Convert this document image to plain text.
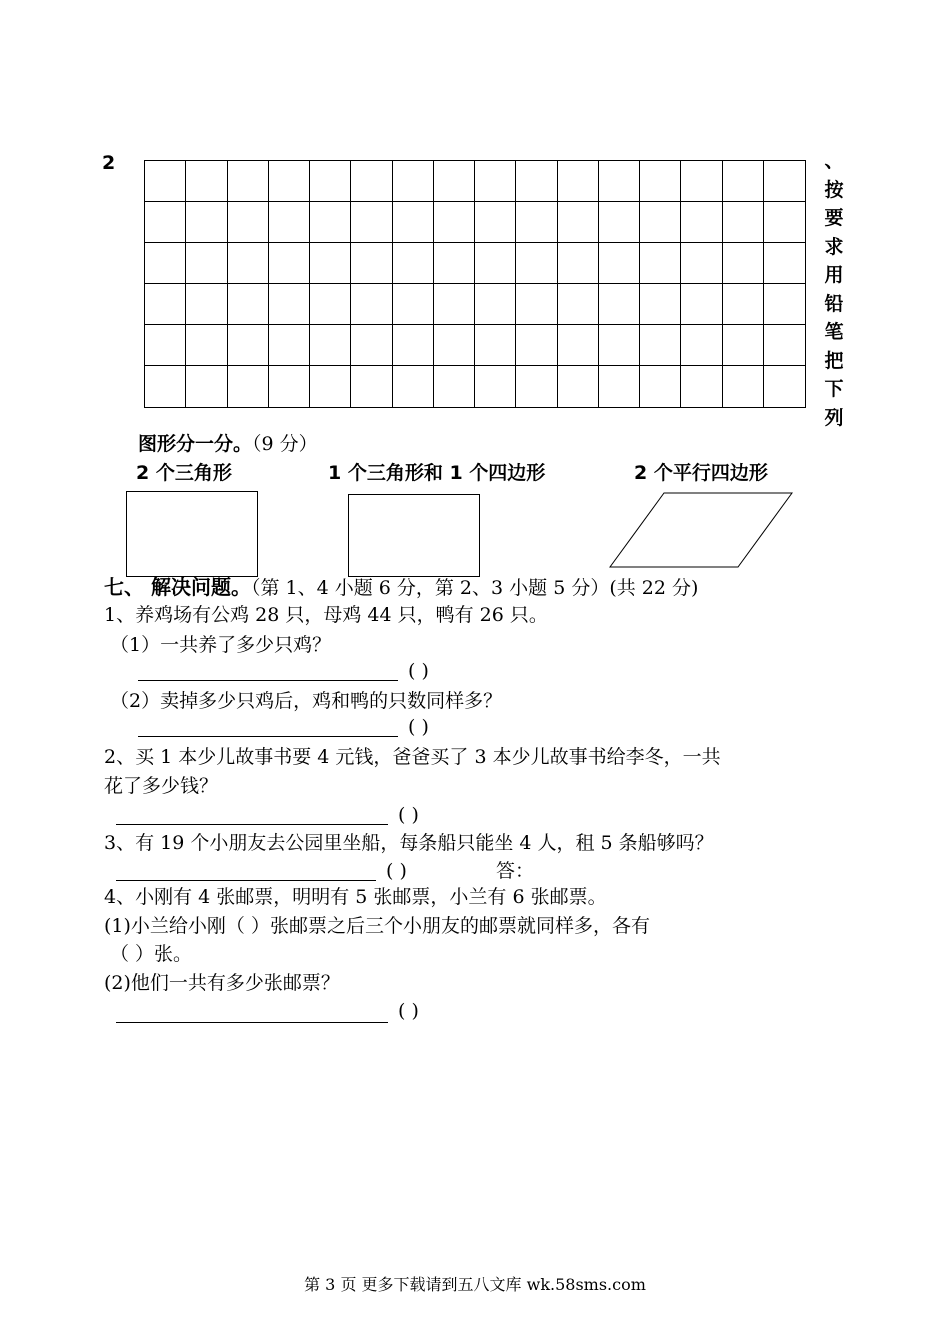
2	、
按
要
求
用
铅
笔
把
下
列
图形分一分。（9 分）
2 个三角形	1 个三角形和 1 个四边形	2 个平行四边形
七、 解决问题。（第 1、4 小题 6 分，第 2、3 小题 5 分）(共 22 分)
1、养鸡场有公鸡 28 只，母鸡 44 只，鸭有 26 只。
（1）一共养了多少只鸡？
( )
（2）卖掉多少只鸡后，鸡和鸭的只数同样多？
( )
2、买 1 本少儿故事书要 4 元钱，爸爸买了 3 本少儿故事书给李冬，一共
花了多少钱？
( )
3、有 19 个小朋友去公园里坐船，每条船只能坐 4 人，租 5 条船够吗？
( )	答：
4、小刚有 4 张邮票，明明有 5 张邮票，小兰有 6 张邮票。
(1)小兰给小刚（ ）张邮票之后三个小朋友的邮票就同样多，各有
（ ）张。
(2)他们一共有多少张邮票？
( )
第 3 页 更多下载请到五八文库 wk.58sms.com
